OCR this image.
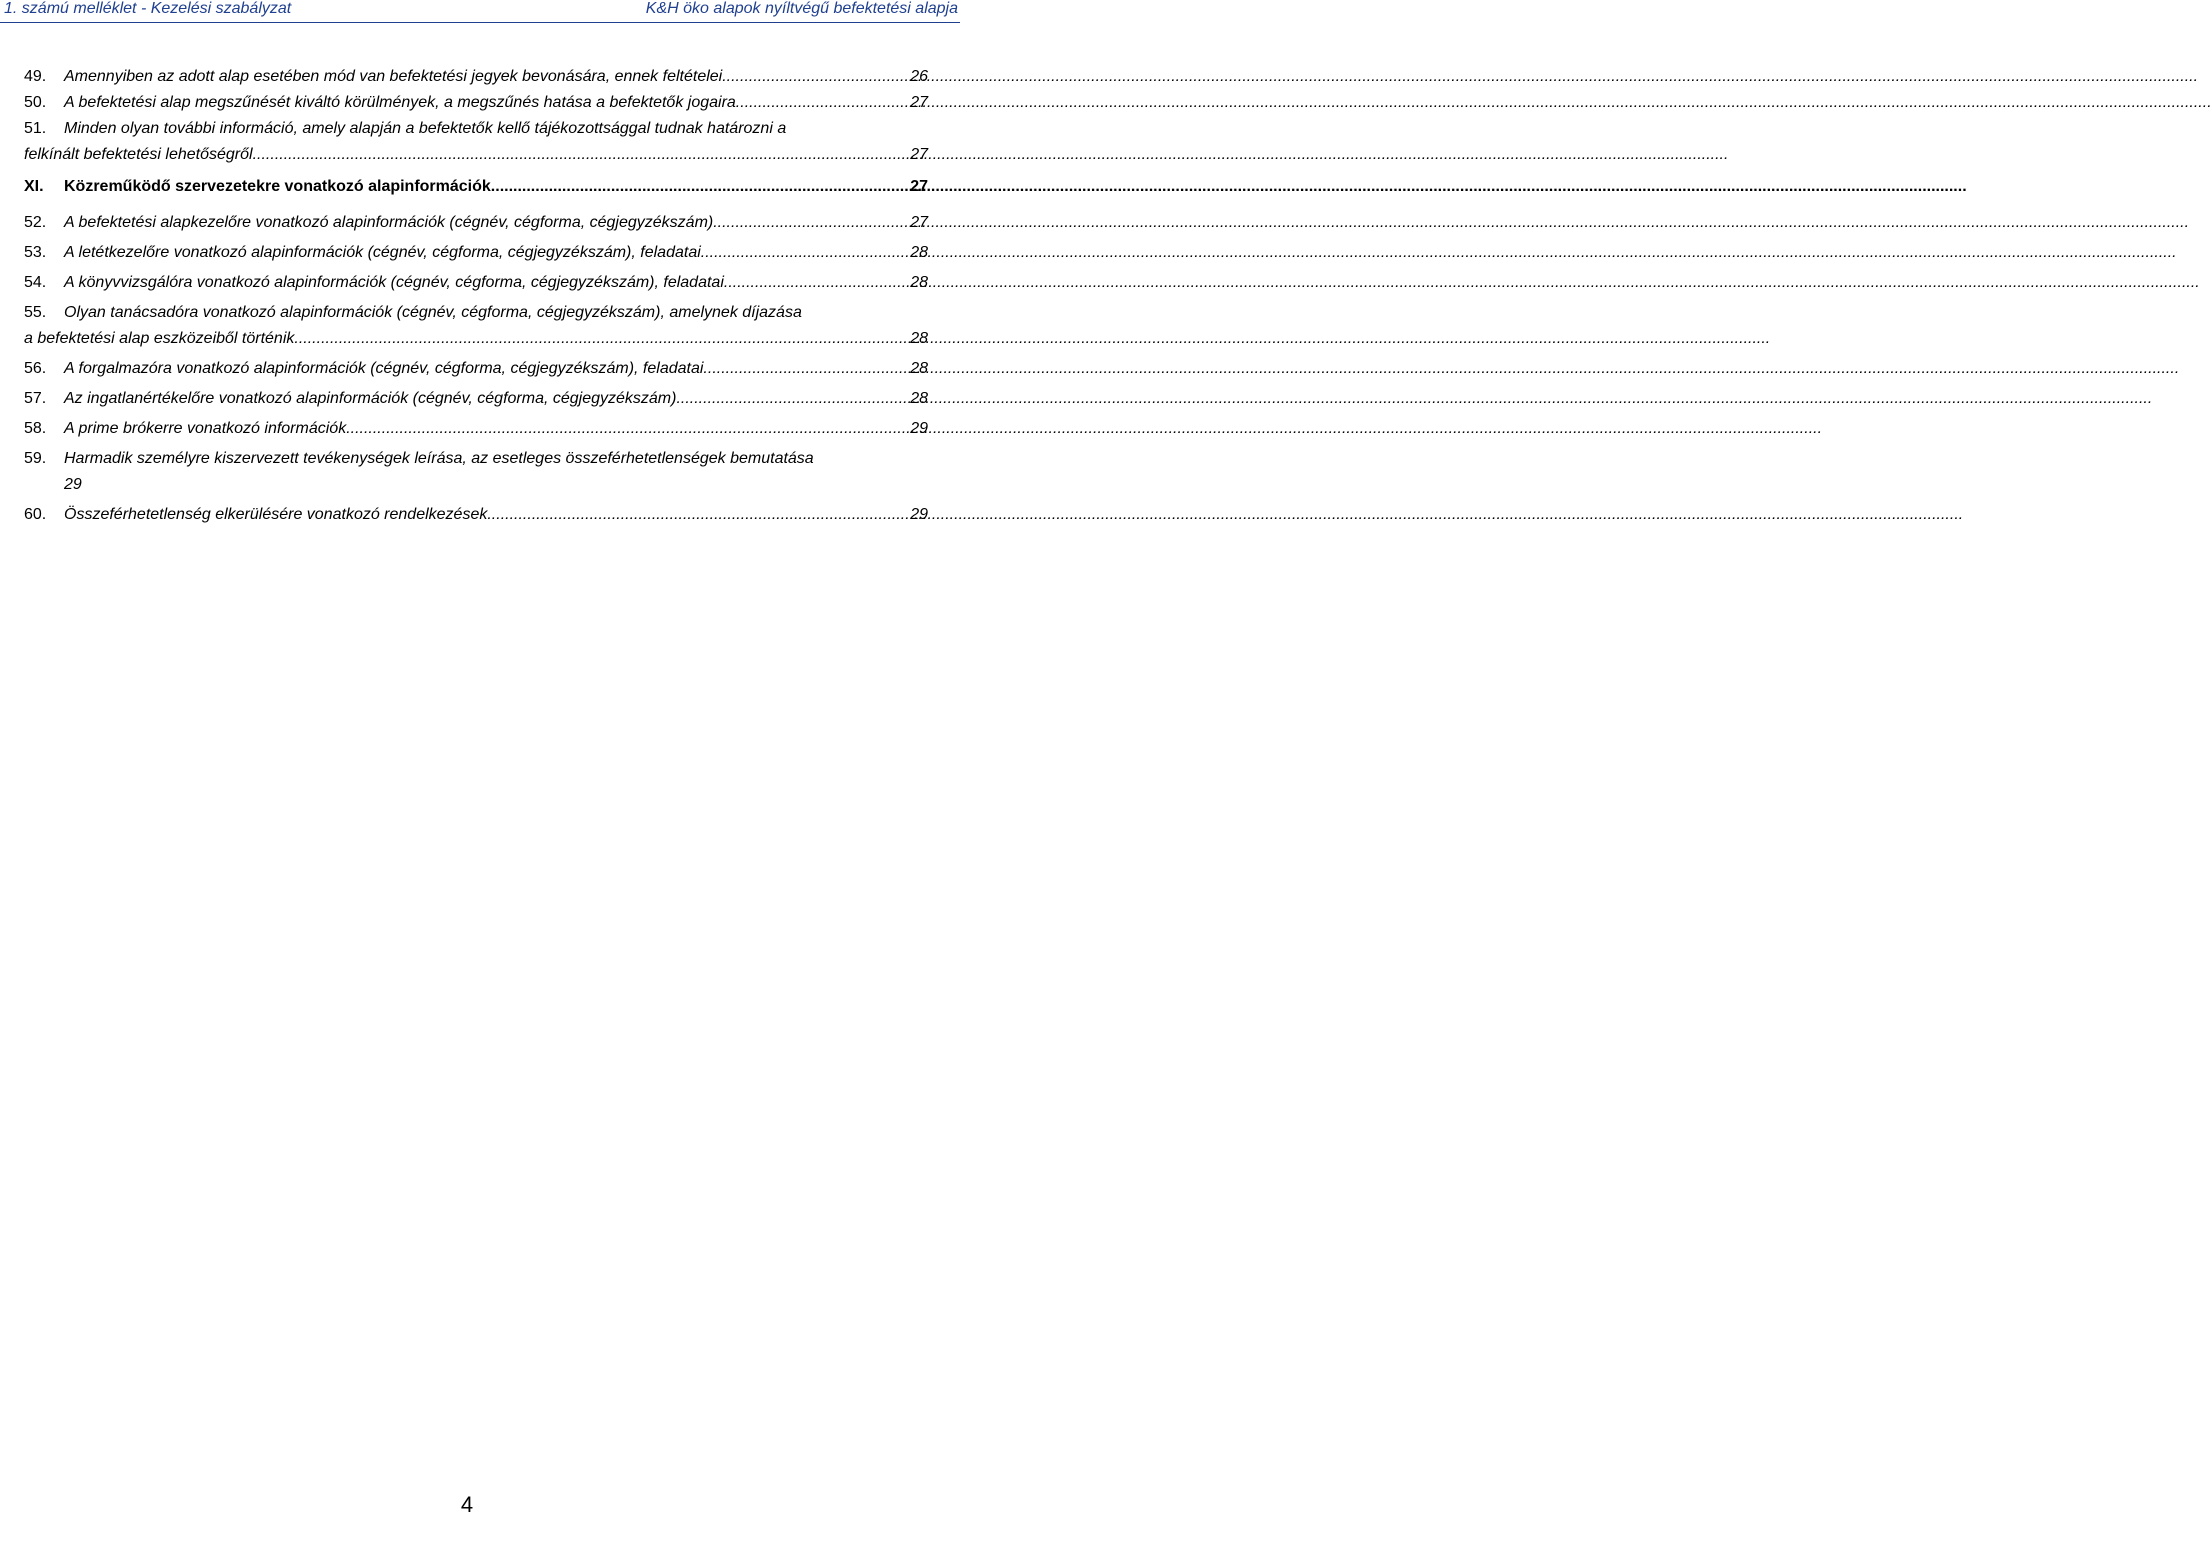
1. számú melléklet - Kezelési szabályzat	K&H öko alapok nyíltvégű befektetési alapja
49.	Amennyiben az adott alap esetében mód van befektetési jegyek bevonására, ennek feltételei .....	26
50.	A befektetési alap megszűnését kiváltó körülmények, a megszűnés hatása a befektetők jogaira .....	27
51.	Minden olyan további információ, amely alapján a befektetők kellő tájékozottsággal tudnak határozni a
felkínált befektetési lehetőségről .....	27
XI.	Közreműködő szervezetekre vonatkozó alapinformációk .....	27
52.	A befektetési alapkezelőre vonatkozó alapinformációk (cégnév, cégforma, cégjegyzékszám) .....	27
53.	A letétkezelőre vonatkozó alapinformációk (cégnév, cégforma, cégjegyzékszám), feladatai .....	28
54.	A könyvvizsgálóra vonatkozó alapinformációk (cégnév, cégforma, cégjegyzékszám), feladatai .....	28
55.	Olyan tanácsadóra vonatkozó alapinformációk (cégnév, cégforma, cégjegyzékszám), amelynek díjazása
a befektetési alap eszközeiből történik .....	28
56.	A forgalmazóra vonatkozó alapinformációk (cégnév, cégforma, cégjegyzékszám), feladatai .....	28
57.	Az ingatlanértékelőre vonatkozó alapinformációk (cégnév, cégforma, cégjegyzékszám) .....	28
58.	A prime brókerre vonatkozó információk .....	29
59.	Harmadik személyre kiszervezett tevékenységek leírása, az esetleges összeférhetetlenségek bemutatása
29
60.	Összeférhetetlenség elkerülésére vonatkozó rendelkezések .....	29
4
